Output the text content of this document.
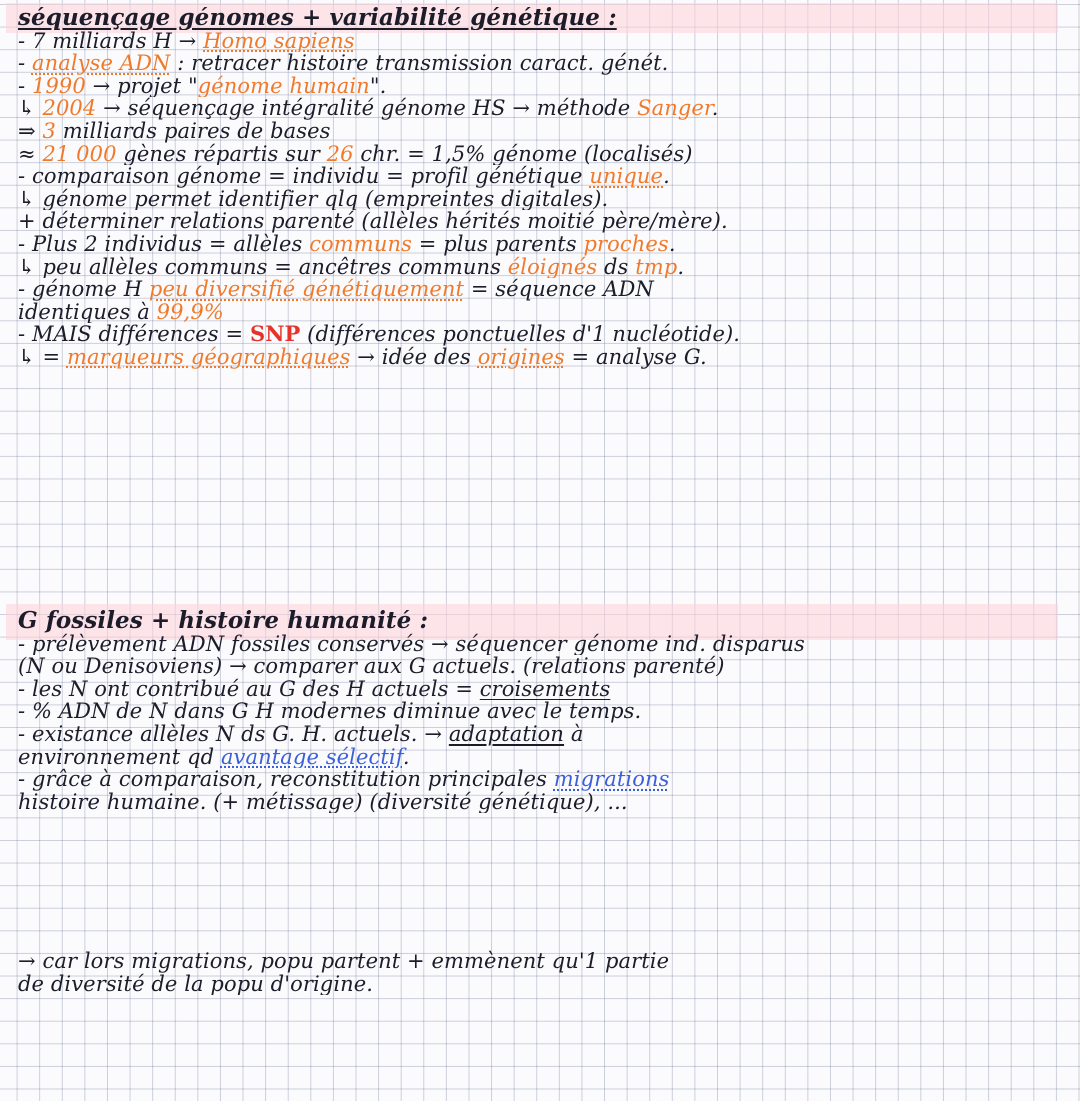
séquençage génomes + variabilité génétique :
- 7 milliards H → Homo sapiens
- analyse ADN : retracer histoire transmission caract. génét.
- 1990 → projet "génome humain".
↳ 2004 → séquençage intégralité génome HS → méthode Sanger.
⇒ 3 milliards paires de bases
≈ 21 000 gènes répartis sur 26 chr. = 1,5% génome (localisés)
- comparaison génome = individu = profil génétique unique.
↳ génome permet identifier qlq (empreintes digitales).
+ déterminer relations parenté (allèles hérités moitié père/mère).
- Plus 2 individus = allèles communs = plus parents proches.
↳ peu allèles communs = ancêtres communs éloignés ds tmp.
- génome H peu diversifié génétiquement = séquence ADN
identiques à 99,9%
- MAIS différences = SNP (différences ponctuelles d'1 nucléotide).
↳ = marqueurs géographiques → idée des origines = analyse G.
G fossiles + histoire humanité :
- prélèvement ADN fossiles conservés → séquencer génome ind. disparus
(N ou Denisoviens) → comparer aux G actuels. (relations parenté)
- les N ont contribué au G des H actuels = croisements
- % ADN de N dans G H modernes diminue avec le temps.
- existance allèles N ds G. H. actuels. → adaptation à
environnement qd avantage sélectif.
- grâce à comparaison, reconstitution principales migrations
histoire humaine. (+ métissage) (diversité génétique), ...
→ car lors migrations, popu partent + emmènent qu'1 partie
de diversité de la popu d'origine.
